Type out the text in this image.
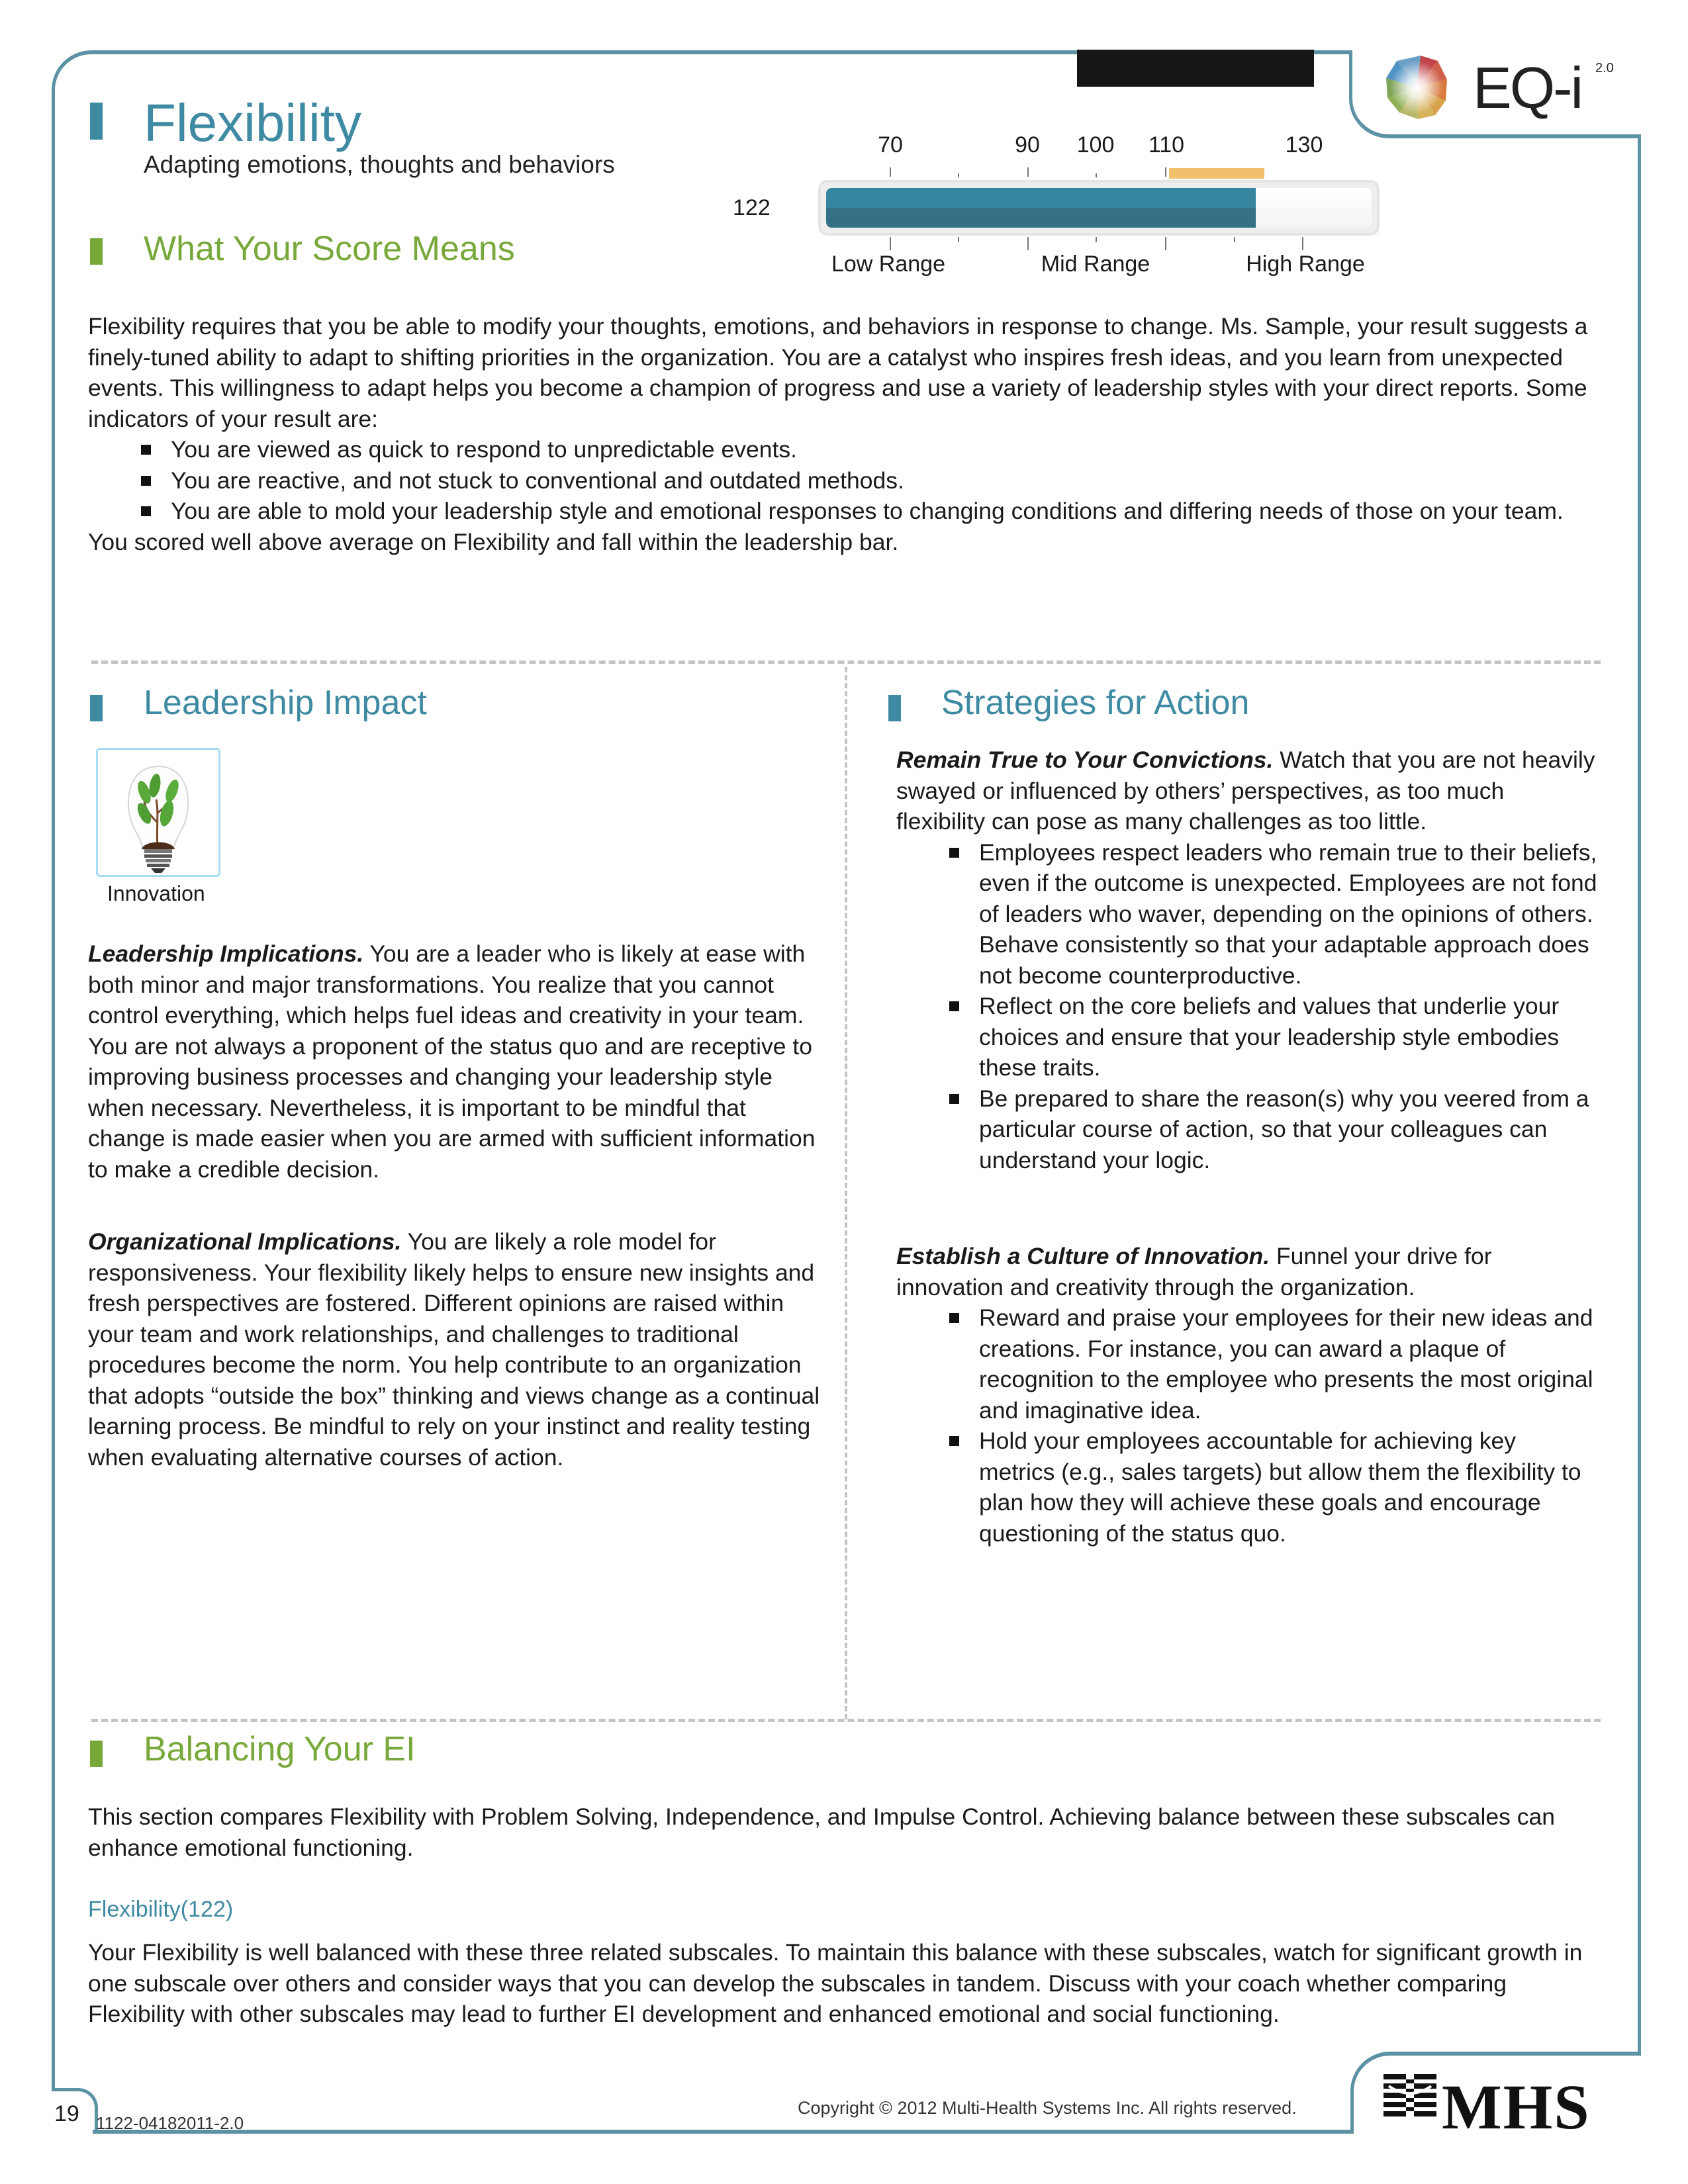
EQ-i 2.0
Flexibility
Adapting emotions, thoughts and behaviors
70	90 100 110	130
122
Low Range	Mid Range	High Range
What Your Score Means
Flexibility requires that you be able to modify your thoughts, emotions, and behaviors in response to change. Ms. Sample, your result suggests a finely-tuned ability to adapt to shifting priorities in the organization. You are a catalyst who inspires fresh ideas, and you learn from unexpected events. This willingness to adapt helps you become a champion of progress and use a variety of leadership styles with your direct reports. Some indicators of your result are:
You are viewed as quick to respond to unpredictable events.
You are reactive, and not stuck to conventional and outdated methods.
You are able to mold your leadership style and emotional responses to changing conditions and differing needs of those on your team.
You scored well above average on Flexibility and fall within the leadership bar.
Leadership Impact
Innovation
Leadership Implications. You are a leader who is likely at ease with both minor and major transformations. You realize that you cannot control everything, which helps fuel ideas and creativity in your team. You are not always a proponent of the status quo and are receptive to improving business processes and changing your leadership style when necessary. Nevertheless, it is important to be mindful that change is made easier when you are armed with sufficient information to make a credible decision.
Organizational Implications. You are likely a role model for responsiveness. Your flexibility likely helps to ensure new insights and fresh perspectives are fostered. Different opinions are raised within your team and work relationships, and challenges to traditional procedures become the norm. You help contribute to an organization that adopts “outside the box” thinking and views change as a continual learning process. Be mindful to rely on your instinct and reality testing when evaluating alternative courses of action.
Strategies for Action
Remain True to Your Convictions. Watch that you are not heavily swayed or influenced by others’ perspectives, as too much flexibility can pose as many challenges as too little.
Employees respect leaders who remain true to their beliefs, even if the outcome is unexpected. Employees are not fond of leaders who waver, depending on the opinions of others. Behave consistently so that your adaptable approach does not become counterproductive.
Reflect on the core beliefs and values that underlie your choices and ensure that your leadership style embodies these traits.
Be prepared to share the reason(s) why you veered from a particular course of action, so that your colleagues can understand your logic.
Establish a Culture of Innovation. Funnel your drive for innovation and creativity through the organization.
Reward and praise your employees for their new ideas and creations. For instance, you can award a plaque of recognition to the employee who presents the most original and imaginative idea.
Hold your employees accountable for achieving key metrics (e.g., sales targets) but allow them the flexibility to plan how they will achieve these goals and encourage questioning of the status quo.
Balancing Your EI
This section compares Flexibility with Problem Solving, Independence, and Impulse Control. Achieving balance between these subscales can enhance emotional functioning.
Flexibility(122)
Your Flexibility is well balanced with these three related subscales. To maintain this balance with these subscales, watch for significant growth in one subscale over others and consider ways that you can develop the subscales in tandem. Discuss with your coach whether comparing Flexibility with other subscales may lead to further EI development and enhanced emotional and social functioning.
19 1122-04182011-2.0
Copyright © 2012 Multi-Health Systems Inc. All rights reserved. MHS
